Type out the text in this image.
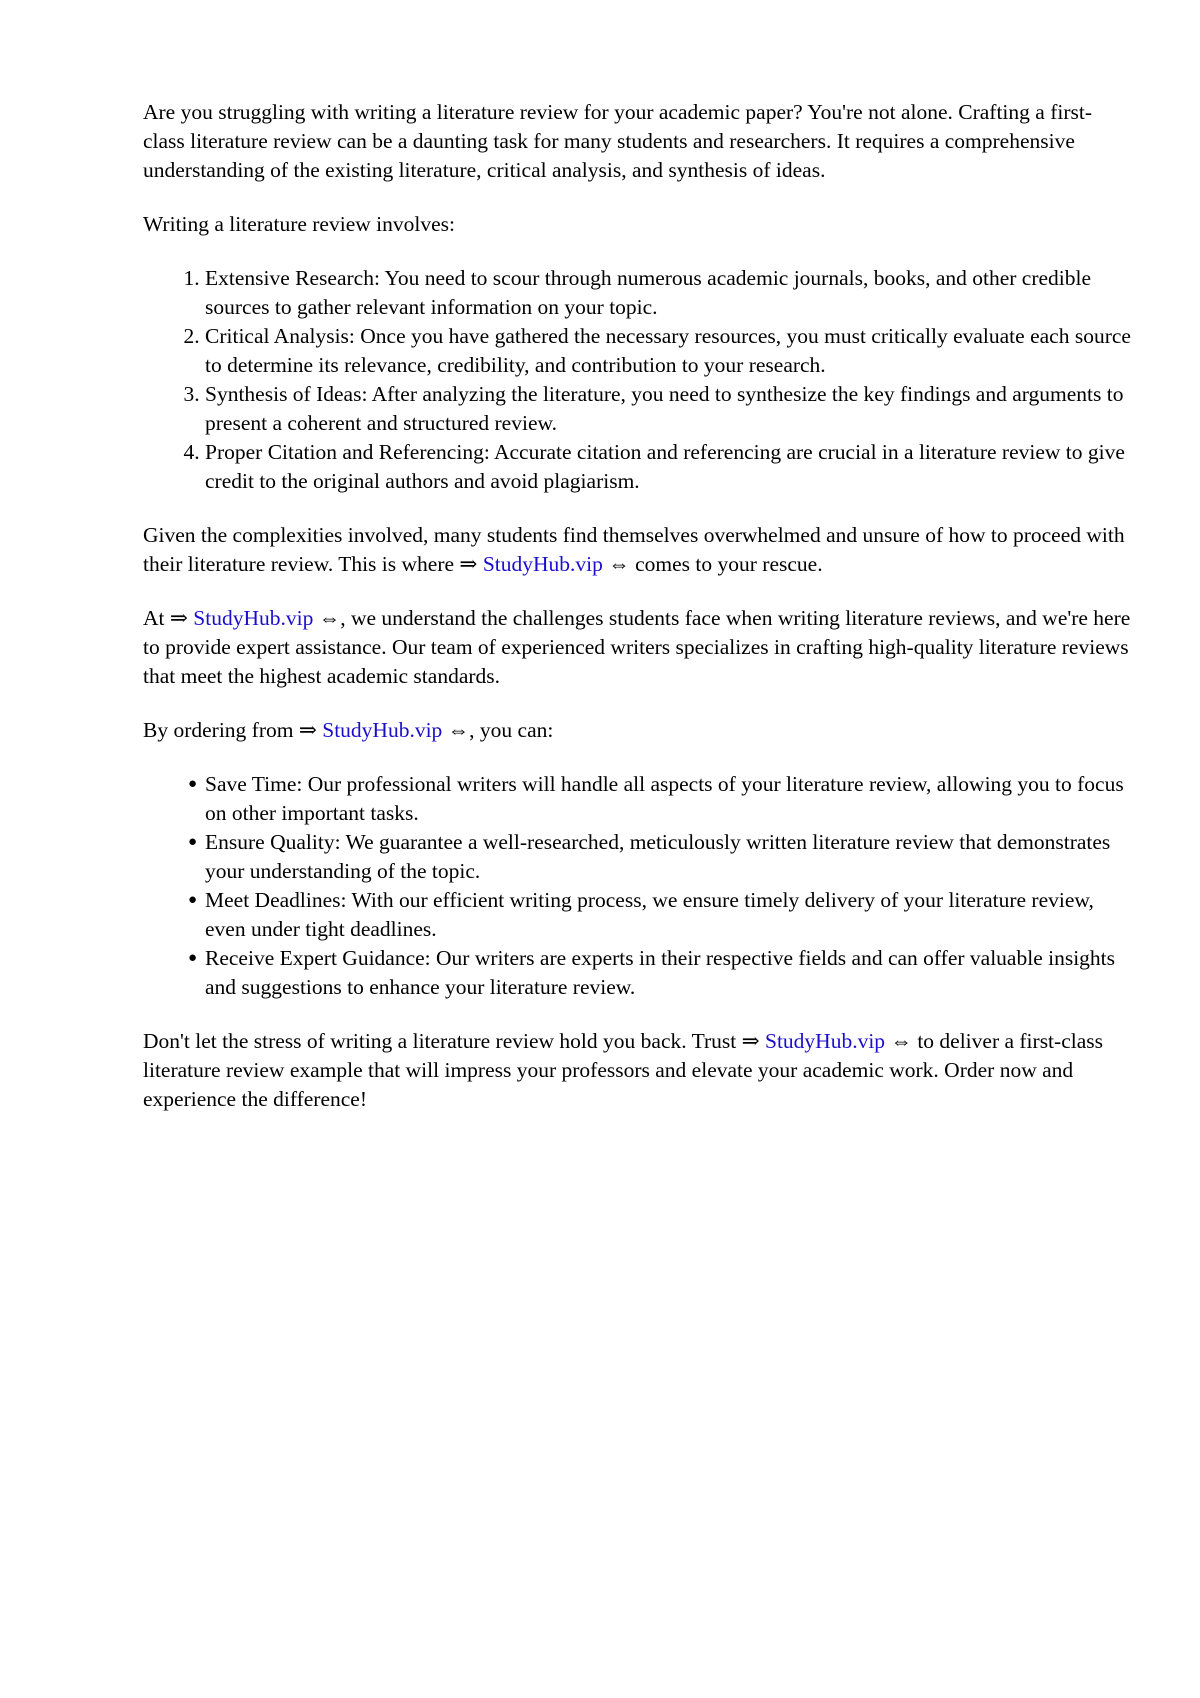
Are you struggling with writing a literature review for your academic paper? You're not alone. Crafting a first-class literature review can be a daunting task for many students and researchers. It requires a comprehensive understanding of the existing literature, critical analysis, and synthesis of ideas.

Writing a literature review involves:

1. Extensive Research: You need to scour through numerous academic journals, books, and other credible sources to gather relevant information on your topic.
2. Critical Analysis: Once you have gathered the necessary resources, you must critically evaluate each source to determine its relevance, credibility, and contribution to your research.
3. Synthesis of Ideas: After analyzing the literature, you need to synthesize the key findings and arguments to present a coherent and structured review.
4. Proper Citation and Referencing: Accurate citation and referencing are crucial in a literature review to give credit to the original authors and avoid plagiarism.

Given the complexities involved, many students find themselves overwhelmed and unsure of how to proceed with their literature review. This is where ⇒ StudyHub.vip ⇔ comes to your rescue.

At ⇒ StudyHub.vip ⇔, we understand the challenges students face when writing literature reviews, and we're here to provide expert assistance. Our team of experienced writers specializes in crafting high-quality literature reviews that meet the highest academic standards.

By ordering from ⇒ StudyHub.vip ⇔, you can:

● Save Time: Our professional writers will handle all aspects of your literature review, allowing you to focus on other important tasks.
● Ensure Quality: We guarantee a well-researched, meticulously written literature review that demonstrates your understanding of the topic.
● Meet Deadlines: With our efficient writing process, we ensure timely delivery of your literature review, even under tight deadlines.
● Receive Expert Guidance: Our writers are experts in their respective fields and can offer valuable insights and suggestions to enhance your literature review.

Don't let the stress of writing a literature review hold you back. Trust ⇒ StudyHub.vip ⇔ to deliver a first-class literature review example that will impress your professors and elevate your academic work. Order now and experience the difference!
